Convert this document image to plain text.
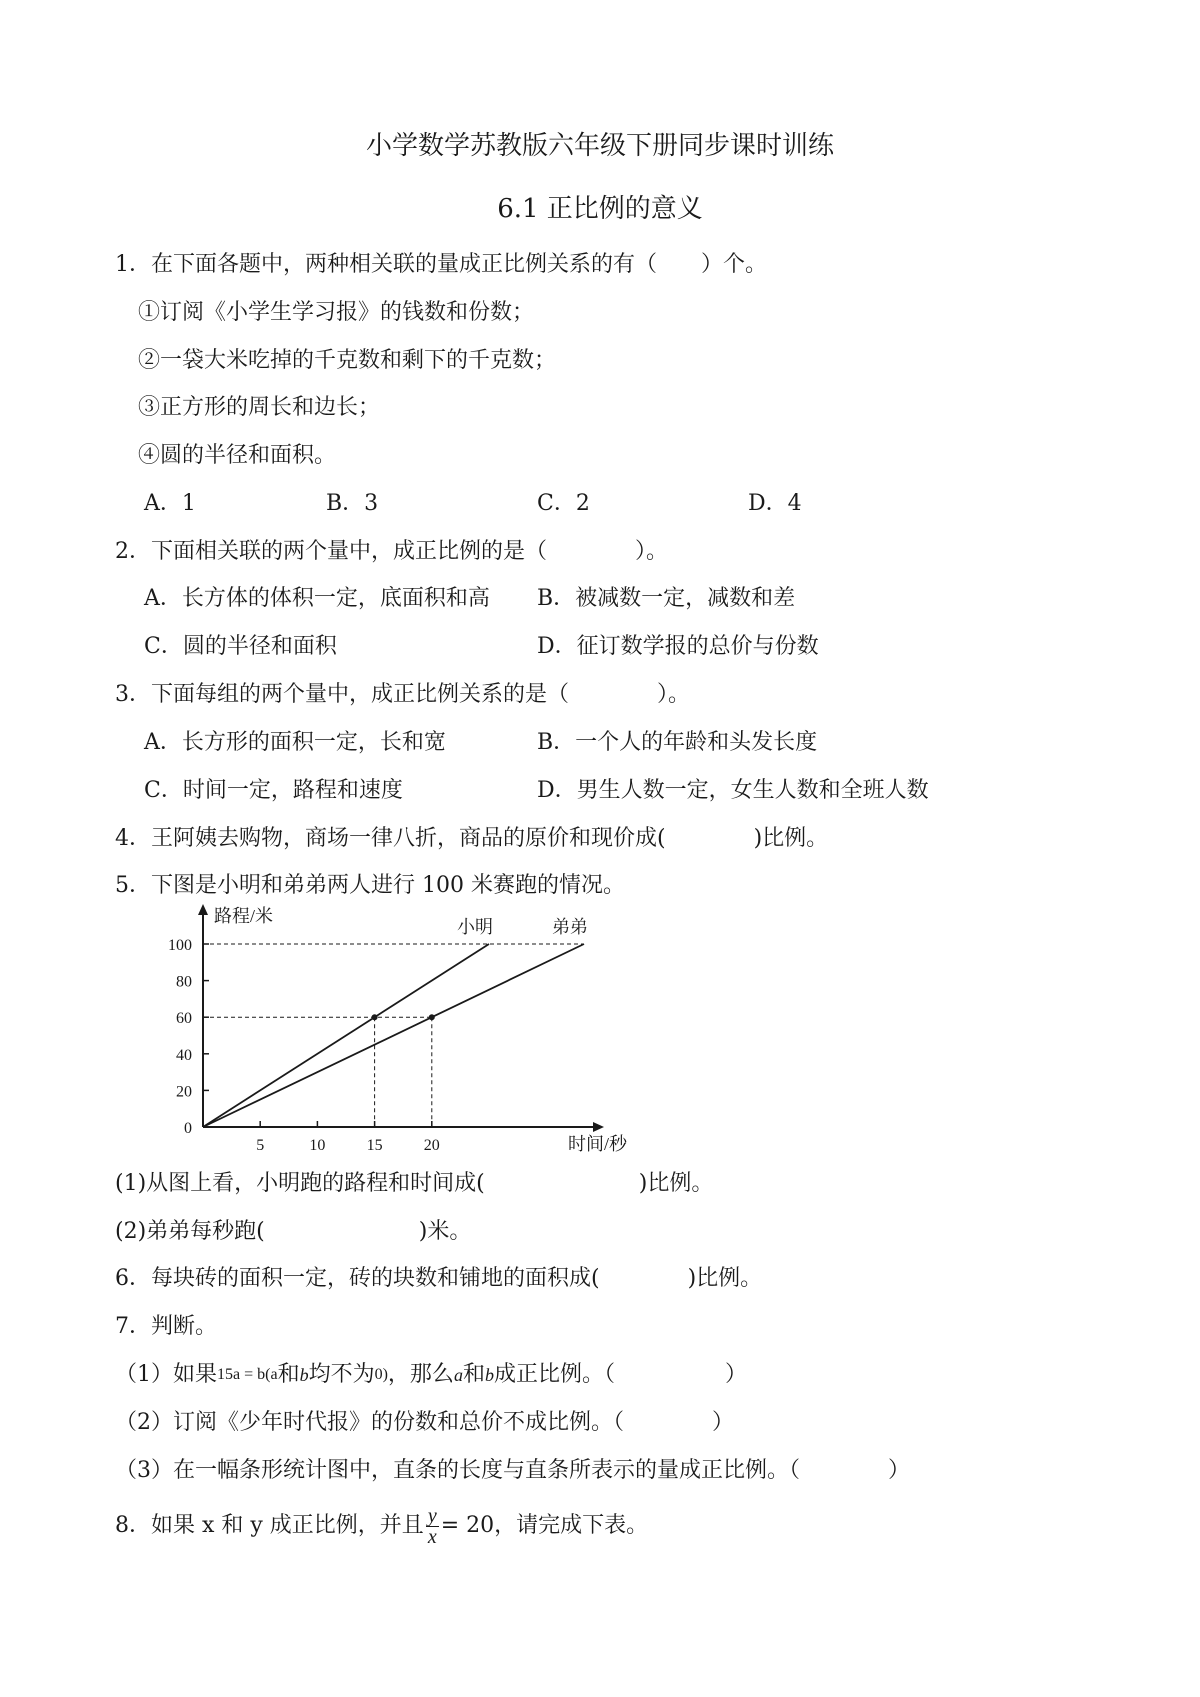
小学数学苏教版六年级下册同步课时训练
6.1 正比例的意义
1．在下面各题中，两种相关联的量成正比例关系的有（　　）个。
①订阅《小学生学习报》的钱数和份数；
②一袋大米吃掉的千克数和剩下的千克数；
③正方形的周长和边长；
④圆的半径和面积。
A．1	B．3	C．2	D．4
2．下面相关联的两个量中，成正比例的是（　　　　）。
A．长方体的体积一定，底面积和高 B．被减数一定，减数和差
C．圆的半径和面积	D．征订数学报的总价与份数
3．下面每组的两个量中，成正比例关系的是（　　　　）。
A．长方形的面积一定，长和宽	B．一个人的年龄和头发长度
C．时间一定，路程和速度	D．男生人数一定，女生人数和全班人数
4．王阿姨去购物，商场一律八折，商品的原价和现价成(　　　　)比例。
5．下图是小明和弟弟两人进行 100 米赛跑的情况。
路程/米
时间/秒
0
20
40
60
80
100
5	10	15	20
小明	弟弟
(1)从图上看，小明跑的路程和时间成(　　　　　　　)比例。
(2)弟弟每秒跑(　　　　　　　)米。
6．每块砖的面积一定，砖的块数和铺地的面积成(　　　　)比例。
7．判断。
（1）如果15a = b(a和b均不为0)，那么a和b成正比例。（　　　　　）
（2）订阅《少年时代报》的份数和总价不成比例。（　　　　）
（3）在一幅条形统计图中，直条的长度与直条所表示的量成正比例。（　　　　）
8．如果 x 和 y 成正比例，并且 $\frac{y}{x} = 20$，请完成下表。
